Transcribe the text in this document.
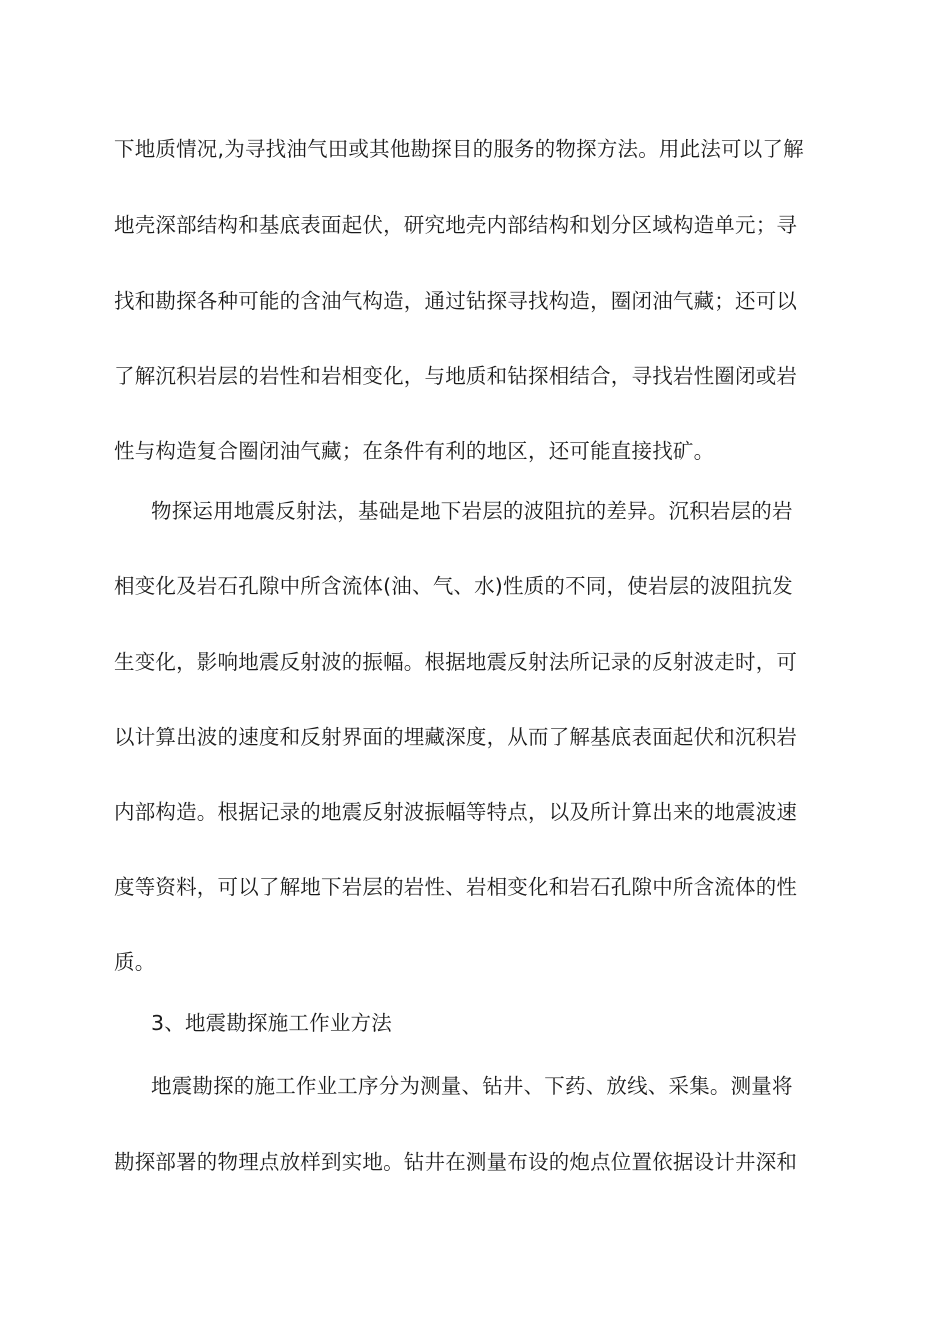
下地质情况,为寻找油气田或其他勘探目的服务的物探方法。用此法可以了解
地壳深部结构和基底表面起伏，研究地壳内部结构和划分区域构造单元；寻
找和勘探各种可能的含油气构造，通过钻探寻找构造，圈闭油气藏；还可以
了解沉积岩层的岩性和岩相变化，与地质和钻探相结合，寻找岩性圈闭或岩
性与构造复合圈闭油气藏；在条件有利的地区，还可能直接找矿。
物探运用地震反射法，基础是地下岩层的波阻抗的差异。沉积岩层的岩
相变化及岩石孔隙中所含流体(油、气、水)性质的不同，使岩层的波阻抗发
生变化，影响地震反射波的振幅。根据地震反射法所记录的反射波走时，可
以计算出波的速度和反射界面的埋藏深度，从而了解基底表面起伏和沉积岩
内部构造。根据记录的地震反射波振幅等特点，以及所计算出来的地震波速
度等资料，可以了解地下岩层的岩性、岩相变化和岩石孔隙中所含流体的性
质。
3、地震勘探施工作业方法
地震勘探的施工作业工序分为测量、钻井、下药、放线、采集。测量将
勘探部署的物理点放样到实地。钻井在测量布设的炮点位置依据设计井深和
